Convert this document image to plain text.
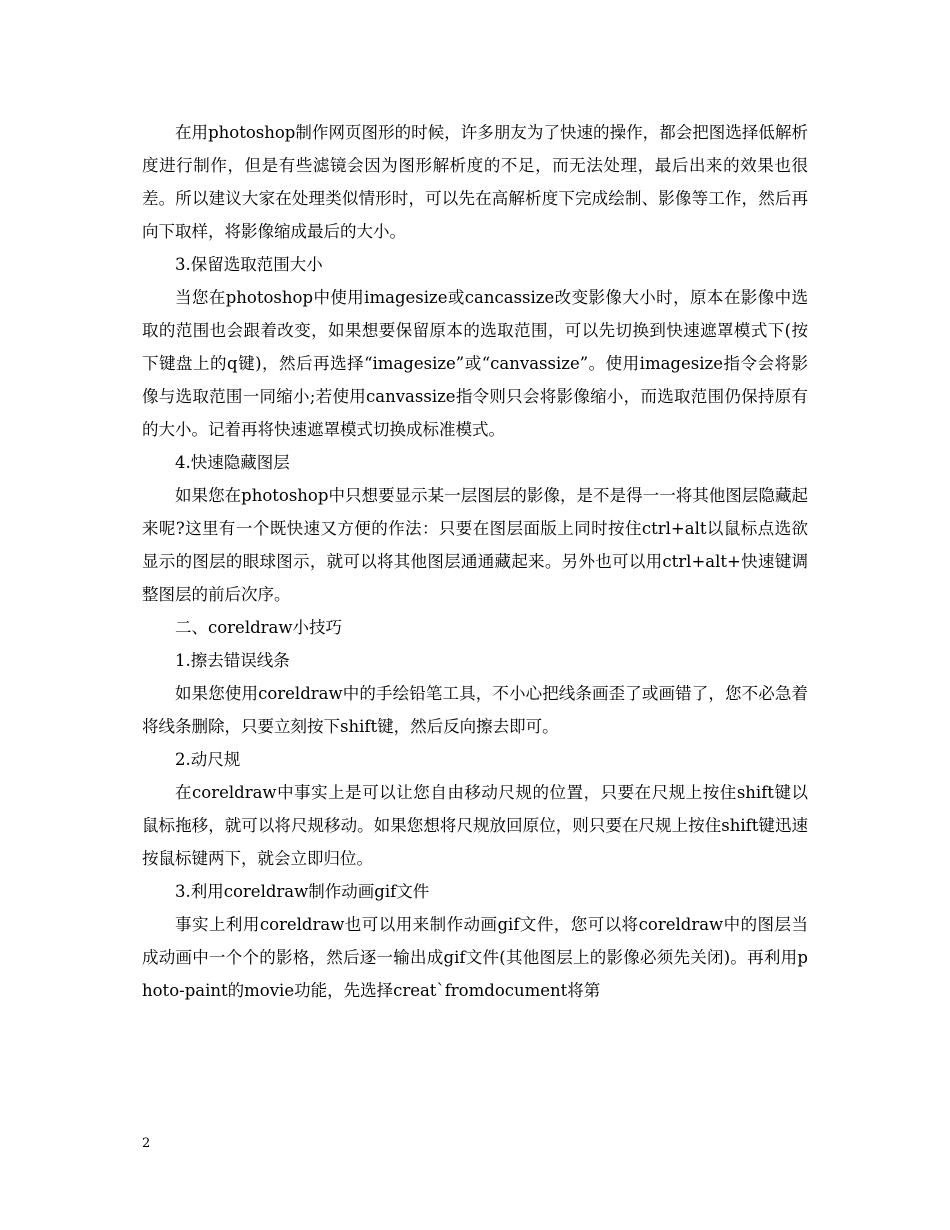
在用photoshop制作网页图形的时候，许多朋友为了快速的操作，都会把图选择低解析度进行制作，但是有些滤镜会因为图形解析度的不足，而无法处理，最后出来的效果也很差。所以建议大家在处理类似情形时，可以先在高解析度下完成绘制、影像等工作，然后再向下取样，将影像缩成最后的大小。

3.保留选取范围大小

当您在photoshop中使用imagesize或cancassize改变影像大小时，原本在影像中选取的范围也会跟着改变，如果想要保留原本的选取范围，可以先切换到快速遮罩模式下(按下键盘上的q键)，然后再选择“imagesize”或“canvassize”。使用imagesize指令会将影像与选取范围一同缩小;若使用canvassize指令则只会将影像缩小，而选取范围仍保持原有的大小。记着再将快速遮罩模式切换成标准模式。

4.快速隐藏图层

如果您在photoshop中只想要显示某一层图层的影像，是不是得一一将其他图层隐藏起来呢?这里有一个既快速又方便的作法：只要在图层面版上同时按住ctrl+alt以鼠标点选欲显示的图层的眼球图示，就可以将其他图层通通藏起来。另外也可以用ctrl+alt+快速键调整图层的前后次序。

二、coreldraw小技巧

1.擦去错误线条

如果您使用coreldraw中的手绘铅笔工具，不小心把线条画歪了或画错了，您不必急着将线条删除，只要立刻按下shift键，然后反向擦去即可。

2.动尺规

在coreldraw中事实上是可以让您自由移动尺规的位置，只要在尺规上按住shift键以鼠标拖移，就可以将尺规移动。如果您想将尺规放回原位，则只要在尺规上按住shift键迅速按鼠标键两下，就会立即归位。

3.利用coreldraw制作动画gif文件

事实上利用coreldraw也可以用来制作动画gif文件，您可以将coreldraw中的图层当成动画中一个个的影格，然后逐一输出成gif文件(其他图层上的影像必须先关闭)。再利用photo-paint的movie功能，先选择creat`fromdocument将第

2
